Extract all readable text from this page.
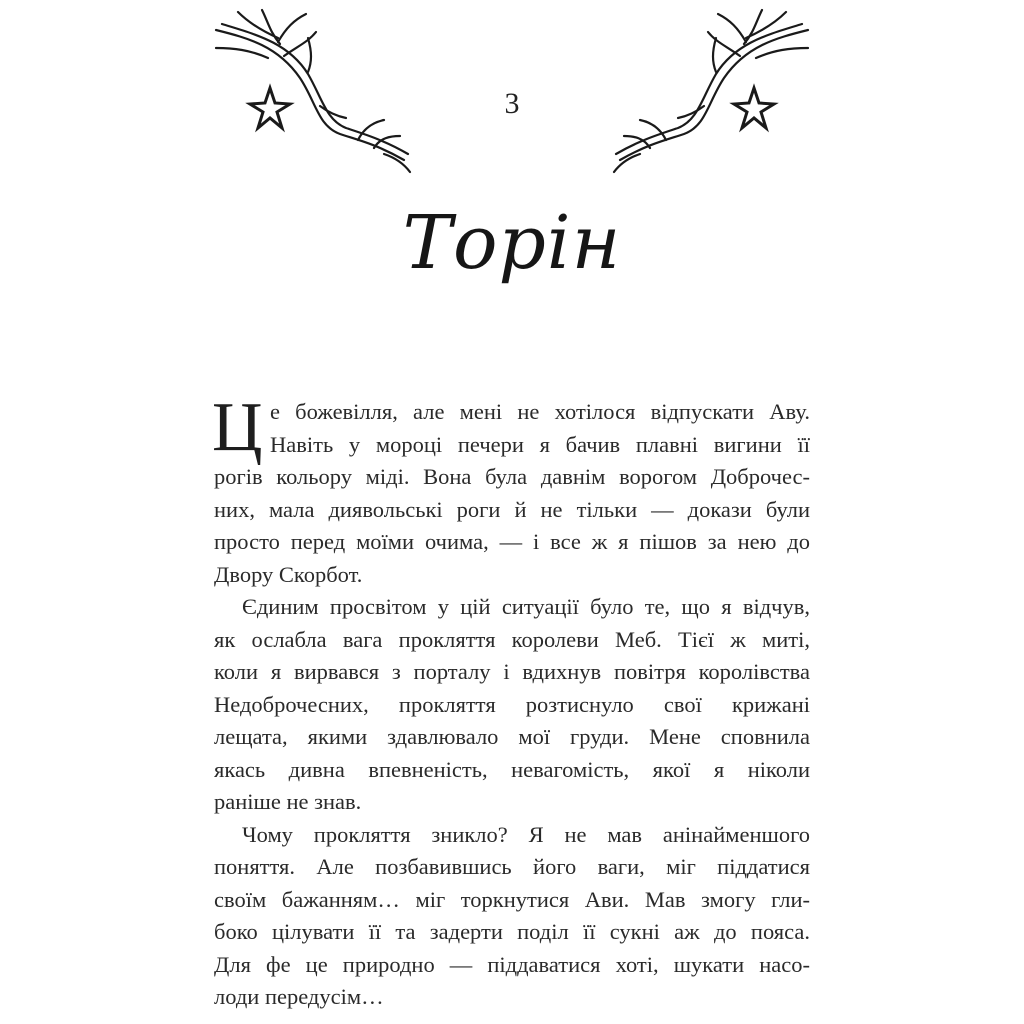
3
Торін
Ц е божевілля, але мені не хотілося відпускати Аву.
Навіть у мороці печери я бачив плавні вигини її
рогів кольору міді. Вона була давнім ворогом Доброчес-
них, мала диявольські роги й не тільки — докази були
просто перед моїми очима, — і все ж я пішов за нею до
Двору Скорбот.
Єдиним просвітом у цій ситуації було те, що я відчув,
як ослабла вага прокляття королеви Меб. Тієї ж миті,
коли я вирвався з порталу і вдихнув повітря королівства
Недоброчесних, прокляття розтиснуло свої крижані
лещата, якими здавлювало мої груди. Мене сповнила
якась дивна впевненість, невагомість, якої я ніколи
раніше не знав.
Чому прокляття зникло? Я не мав анінайменшого
поняття. Але позбавившись його ваги, міг піддатися
своїм бажанням… міг торкнутися Ави. Мав змогу гли-
боко цілувати її та задерти поділ її сукні аж до пояса.
Для фе це природно — піддаватися хоті, шукати насо-
лоди передусім…
